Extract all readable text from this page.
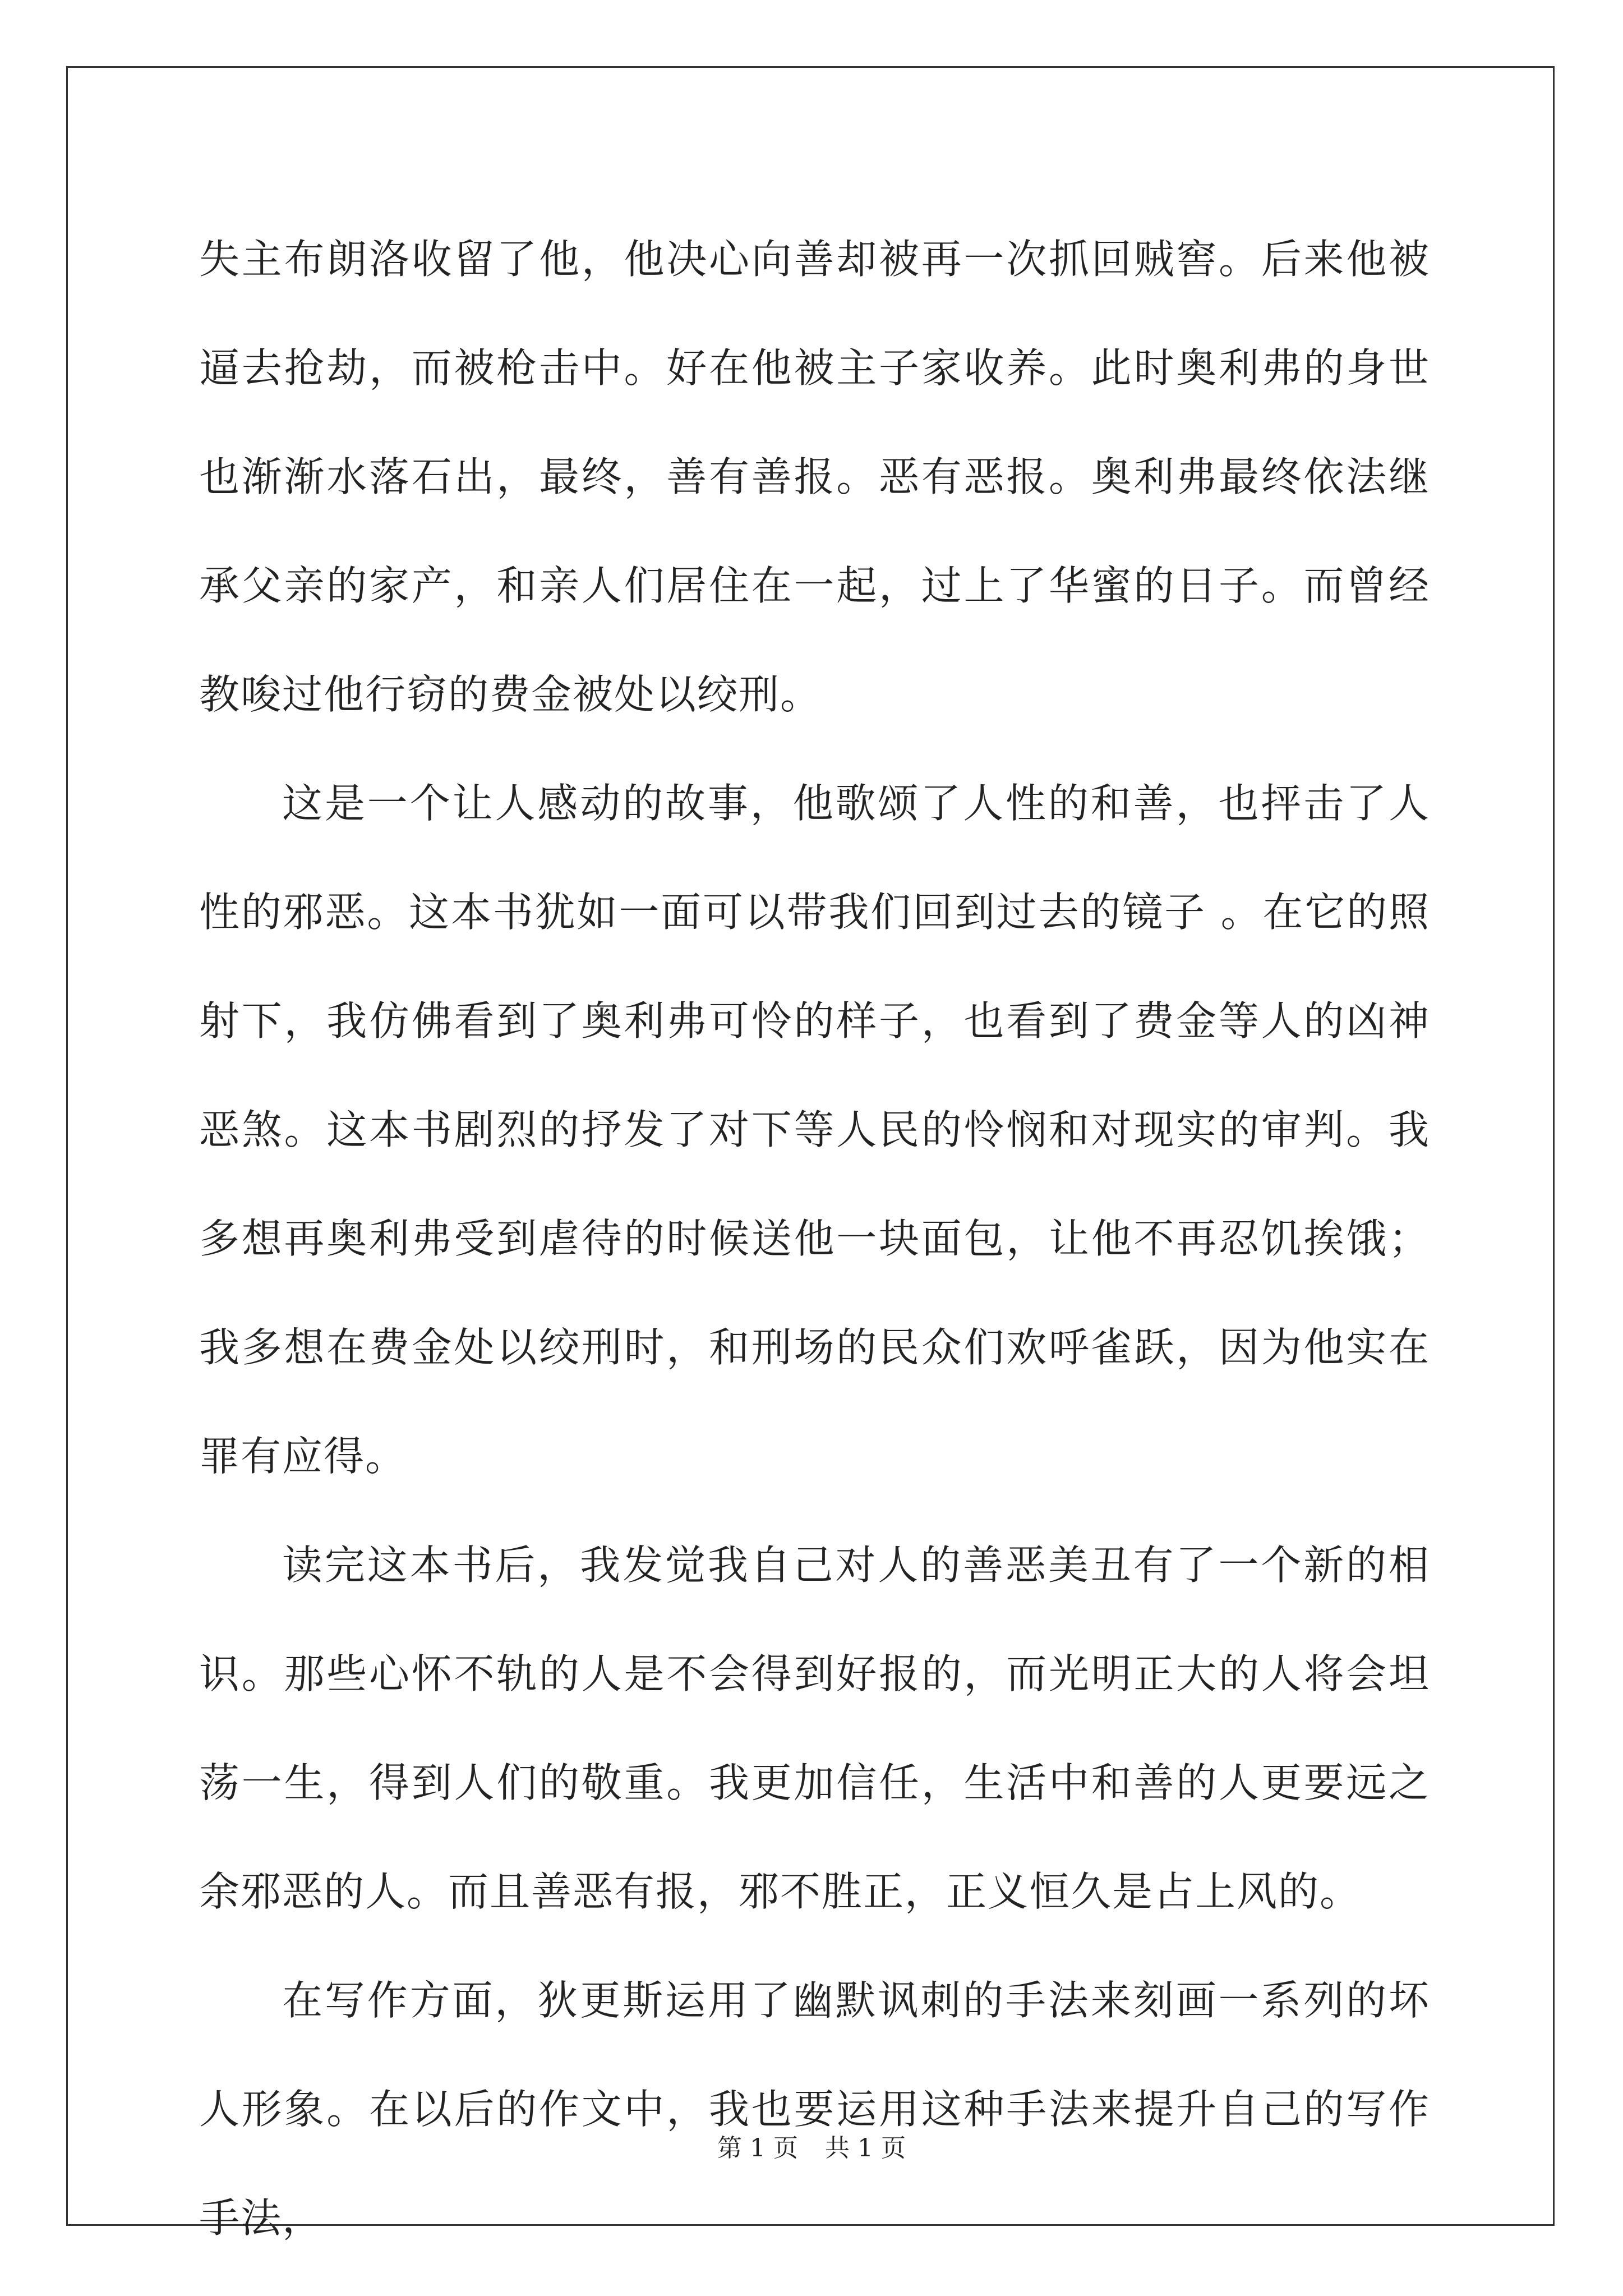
失主布朗洛收留了他，他决心向善却被再一次抓回贼窖。后来他被逼去抢劫，而被枪击中。好在他被主子家收养。此时奥利弗的身世也渐渐水落石出，最终，善有善报。恶有恶报。奥利弗最终依法继承父亲的家产，和亲人们居住在一起，过上了华蜜的日子。而曾经教唆过他行窃的费金被处以绞刑。

这是一个让人感动的故事，他歌颂了人性的和善，也抨击了人性的邪恶。这本书犹如一面可以带我们回到过去的镜子 。在它的照射下，我仿佛看到了奥利弗可怜的样子，也看到了费金等人的凶神恶煞。这本书剧烈的抒发了对下等人民的怜悯和对现实的审判。我多想再奥利弗受到虐待的时候送他一块面包，让他不再忍饥挨饿；我多想在费金处以绞刑时，和刑场的民众们欢呼雀跃，因为他实在罪有应得。

读完这本书后，我发觉我自己对人的善恶美丑有了一个新的相识。那些心怀不轨的人是不会得到好报的，而光明正大的人将会坦荡一生，得到人们的敬重。我更加信任，生活中和善的人更要远之余邪恶的人。而且善恶有报，邪不胜正，正义恒久是占上风的。

在写作方面，狄更斯运用了幽默讽刺的手法来刻画一系列的坏人形象。在以后的作文中，我也要运用这种手法来提升自己的写作手法，

第 1 页 共 1 页
